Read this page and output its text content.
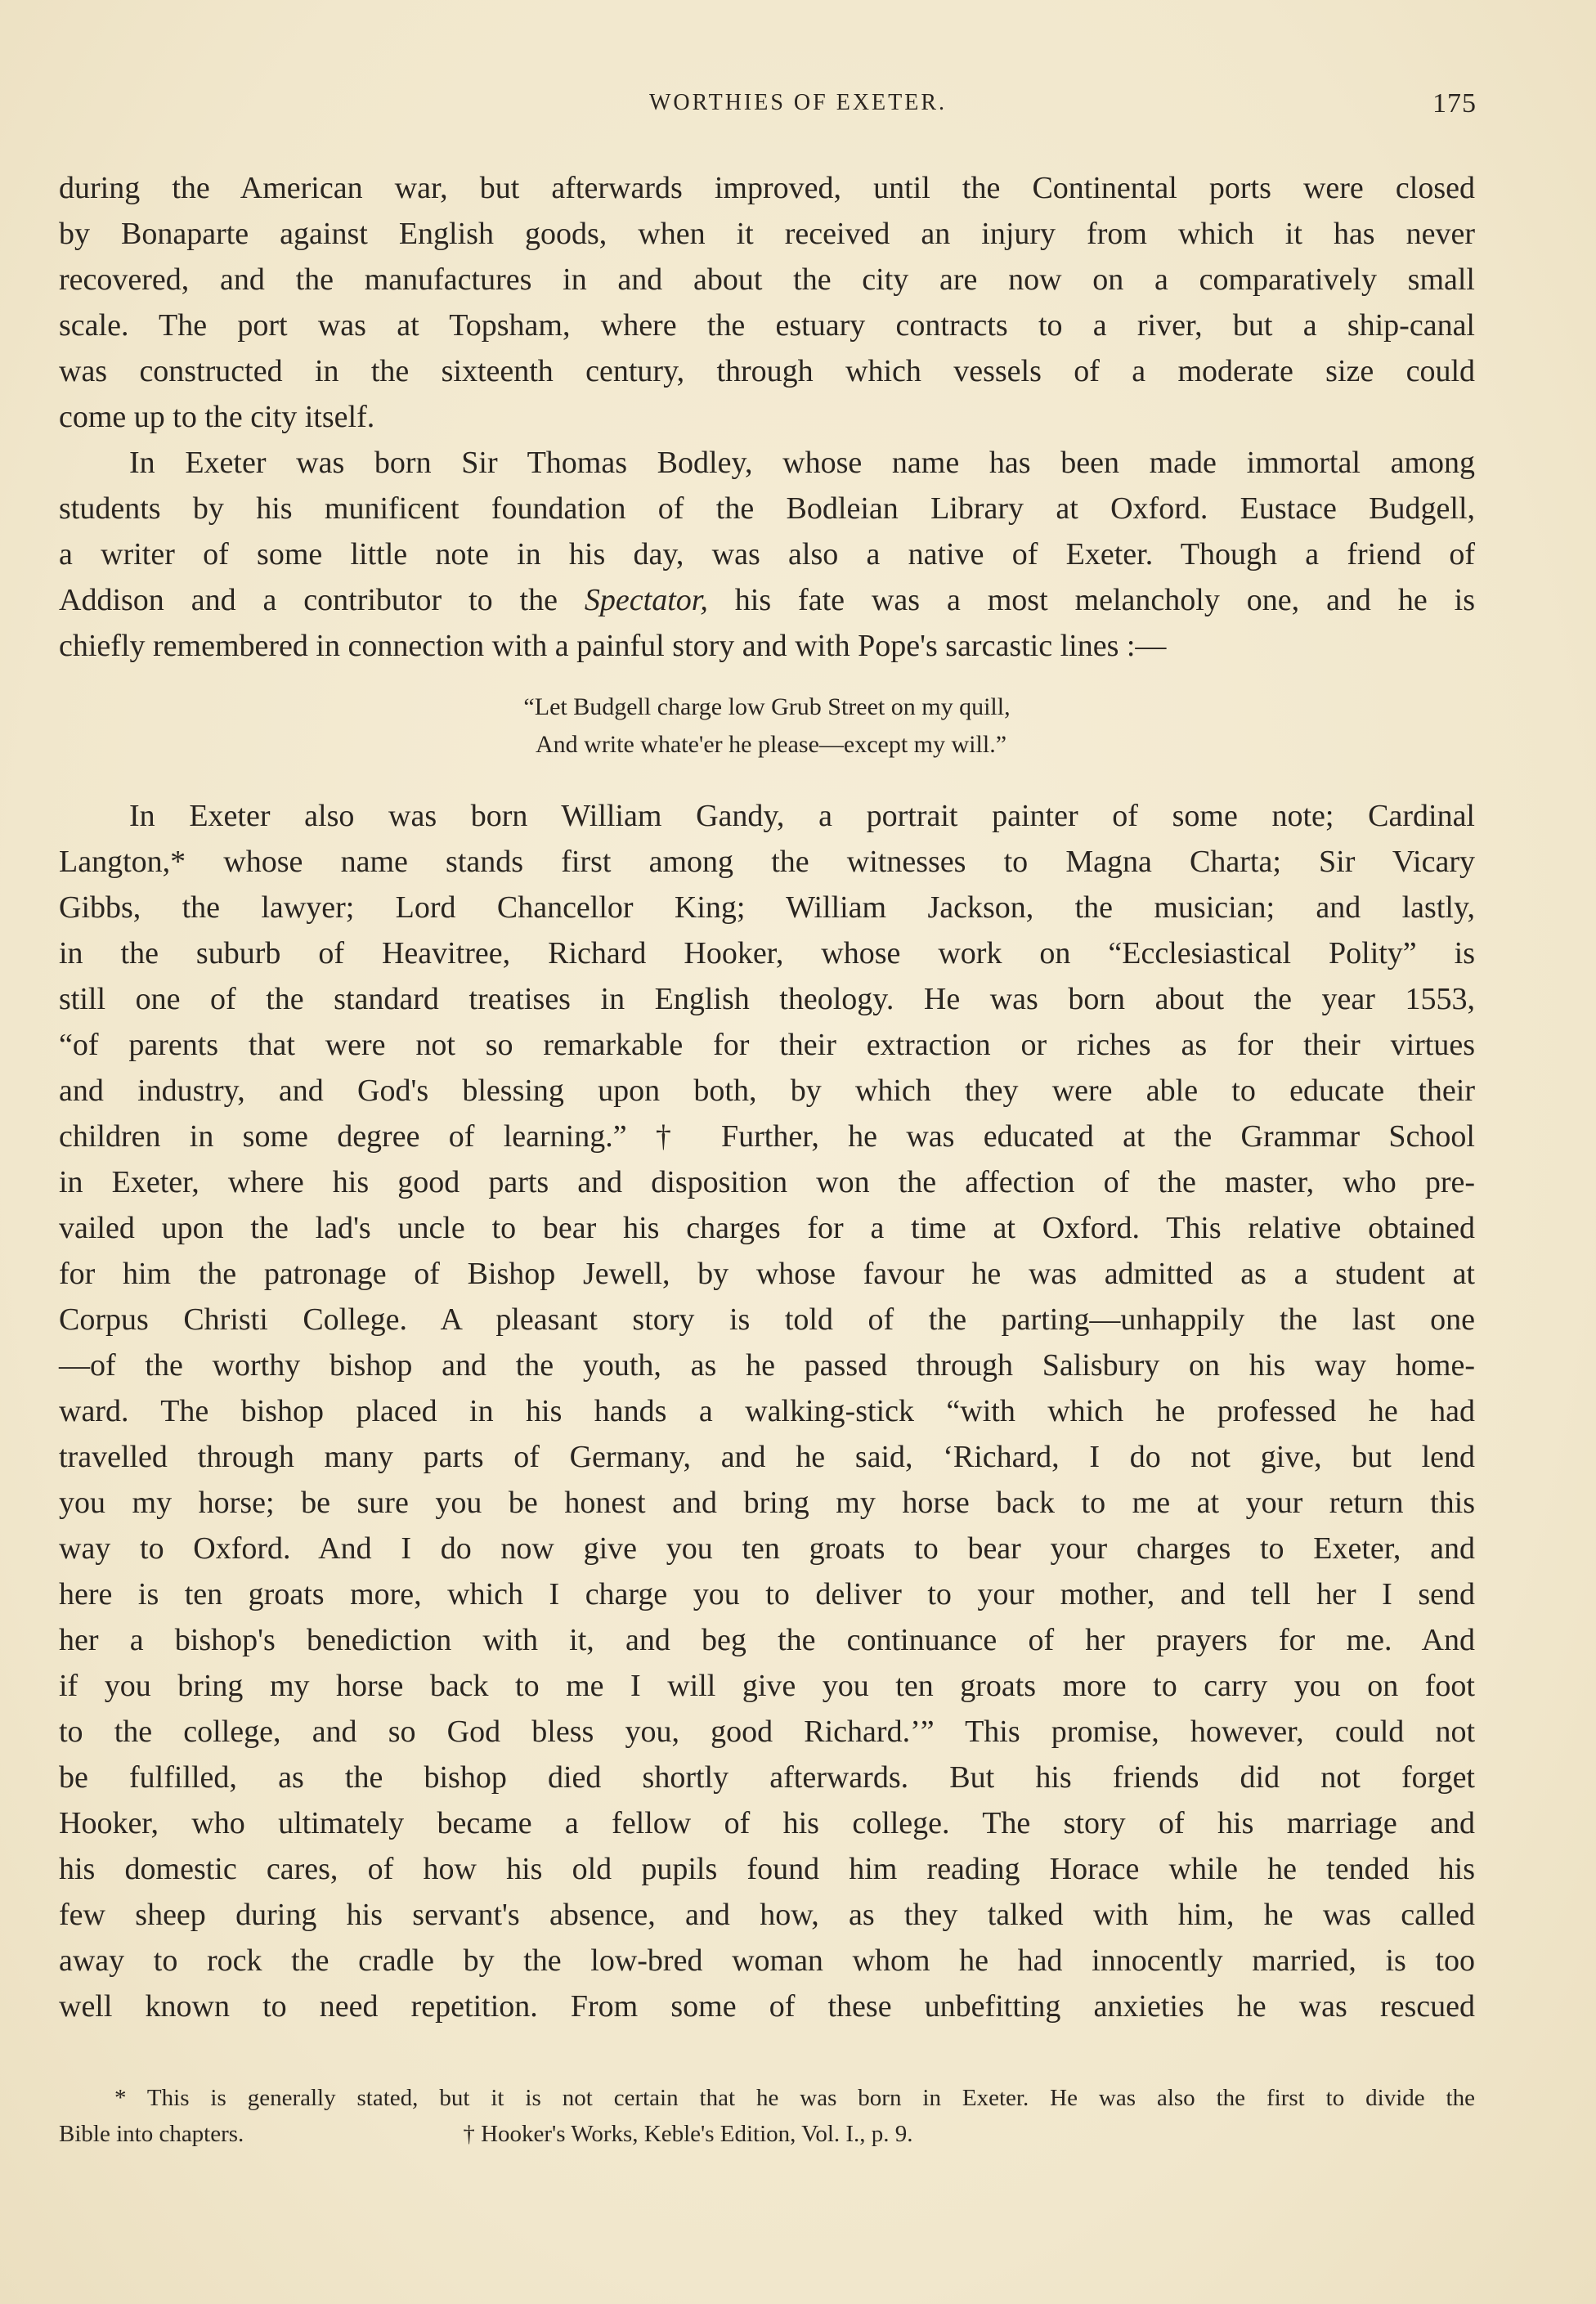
WORTHIES OF EXETER.	175
during the American war, but afterwards improved, until the Continental ports were closed
by Bonaparte against English goods, when it received an injury from which it has never
recovered, and the manufactures in and about the city are now on a comparatively small
scale. The port was at Topsham, where the estuary contracts to a river, but a ship-canal
was constructed in the sixteenth century, through which vessels of a moderate size could
come up to the city itself.
In Exeter was born Sir Thomas Bodley, whose name has been made immortal among
students by his munificent foundation of the Bodleian Library at Oxford. Eustace Budgell,
a writer of some little note in his day, was also a native of Exeter. Though a friend of
Addison and a contributor to the Spectator, his fate was a most melancholy one, and he is
chiefly remembered in connection with a painful story and with Pope's sarcastic lines :—
“Let Budgell charge low Grub Street on my quill,
And write whate'er he please—except my will.”
In Exeter also was born William Gandy, a portrait painter of some note; Cardinal
Langton,* whose name stands first among the witnesses to Magna Charta; Sir Vicary
Gibbs, the lawyer; Lord Chancellor King; William Jackson, the musician; and lastly,
in the suburb of Heavitree, Richard Hooker, whose work on “Ecclesiastical Polity” is
still one of the standard treatises in English theology. He was born about the year 1553,
“of parents that were not so remarkable for their extraction or riches as for their virtues
and industry, and God's blessing upon both, by which they were able to educate their
children in some degree of learning.” † Further, he was educated at the Grammar School
in Exeter, where his good parts and disposition won the affection of the master, who pre-
vailed upon the lad's uncle to bear his charges for a time at Oxford. This relative obtained
for him the patronage of Bishop Jewell, by whose favour he was admitted as a student at
Corpus Christi College. A pleasant story is told of the parting—unhappily the last one
—of the worthy bishop and the youth, as he passed through Salisbury on his way home-
ward. The bishop placed in his hands a walking-stick “with which he professed he had
travelled through many parts of Germany, and he said, ‘Richard, I do not give, but lend
you my horse; be sure you be honest and bring my horse back to me at your return this
way to Oxford. And I do now give you ten groats to bear your charges to Exeter, and
here is ten groats more, which I charge you to deliver to your mother, and tell her I send
her a bishop's benediction with it, and beg the continuance of her prayers for me. And
if you bring my horse back to me I will give you ten groats more to carry you on foot
to the college, and so God bless you, good Richard.’” This promise, however, could not
be fulfilled, as the bishop died shortly afterwards. But his friends did not forget
Hooker, who ultimately became a fellow of his college. The story of his marriage and
his domestic cares, of how his old pupils found him reading Horace while he tended his
few sheep during his servant's absence, and how, as they talked with him, he was called
away to rock the cradle by the low-bred woman whom he had innocently married, is too
well known to need repetition. From some of these unbefitting anxieties he was rescued
* This is generally stated, but it is not certain that he was born in Exeter. He was also the first to divide the
Bible into chapters.	† Hooker's Works, Keble's Edition, Vol. I., p. 9.
